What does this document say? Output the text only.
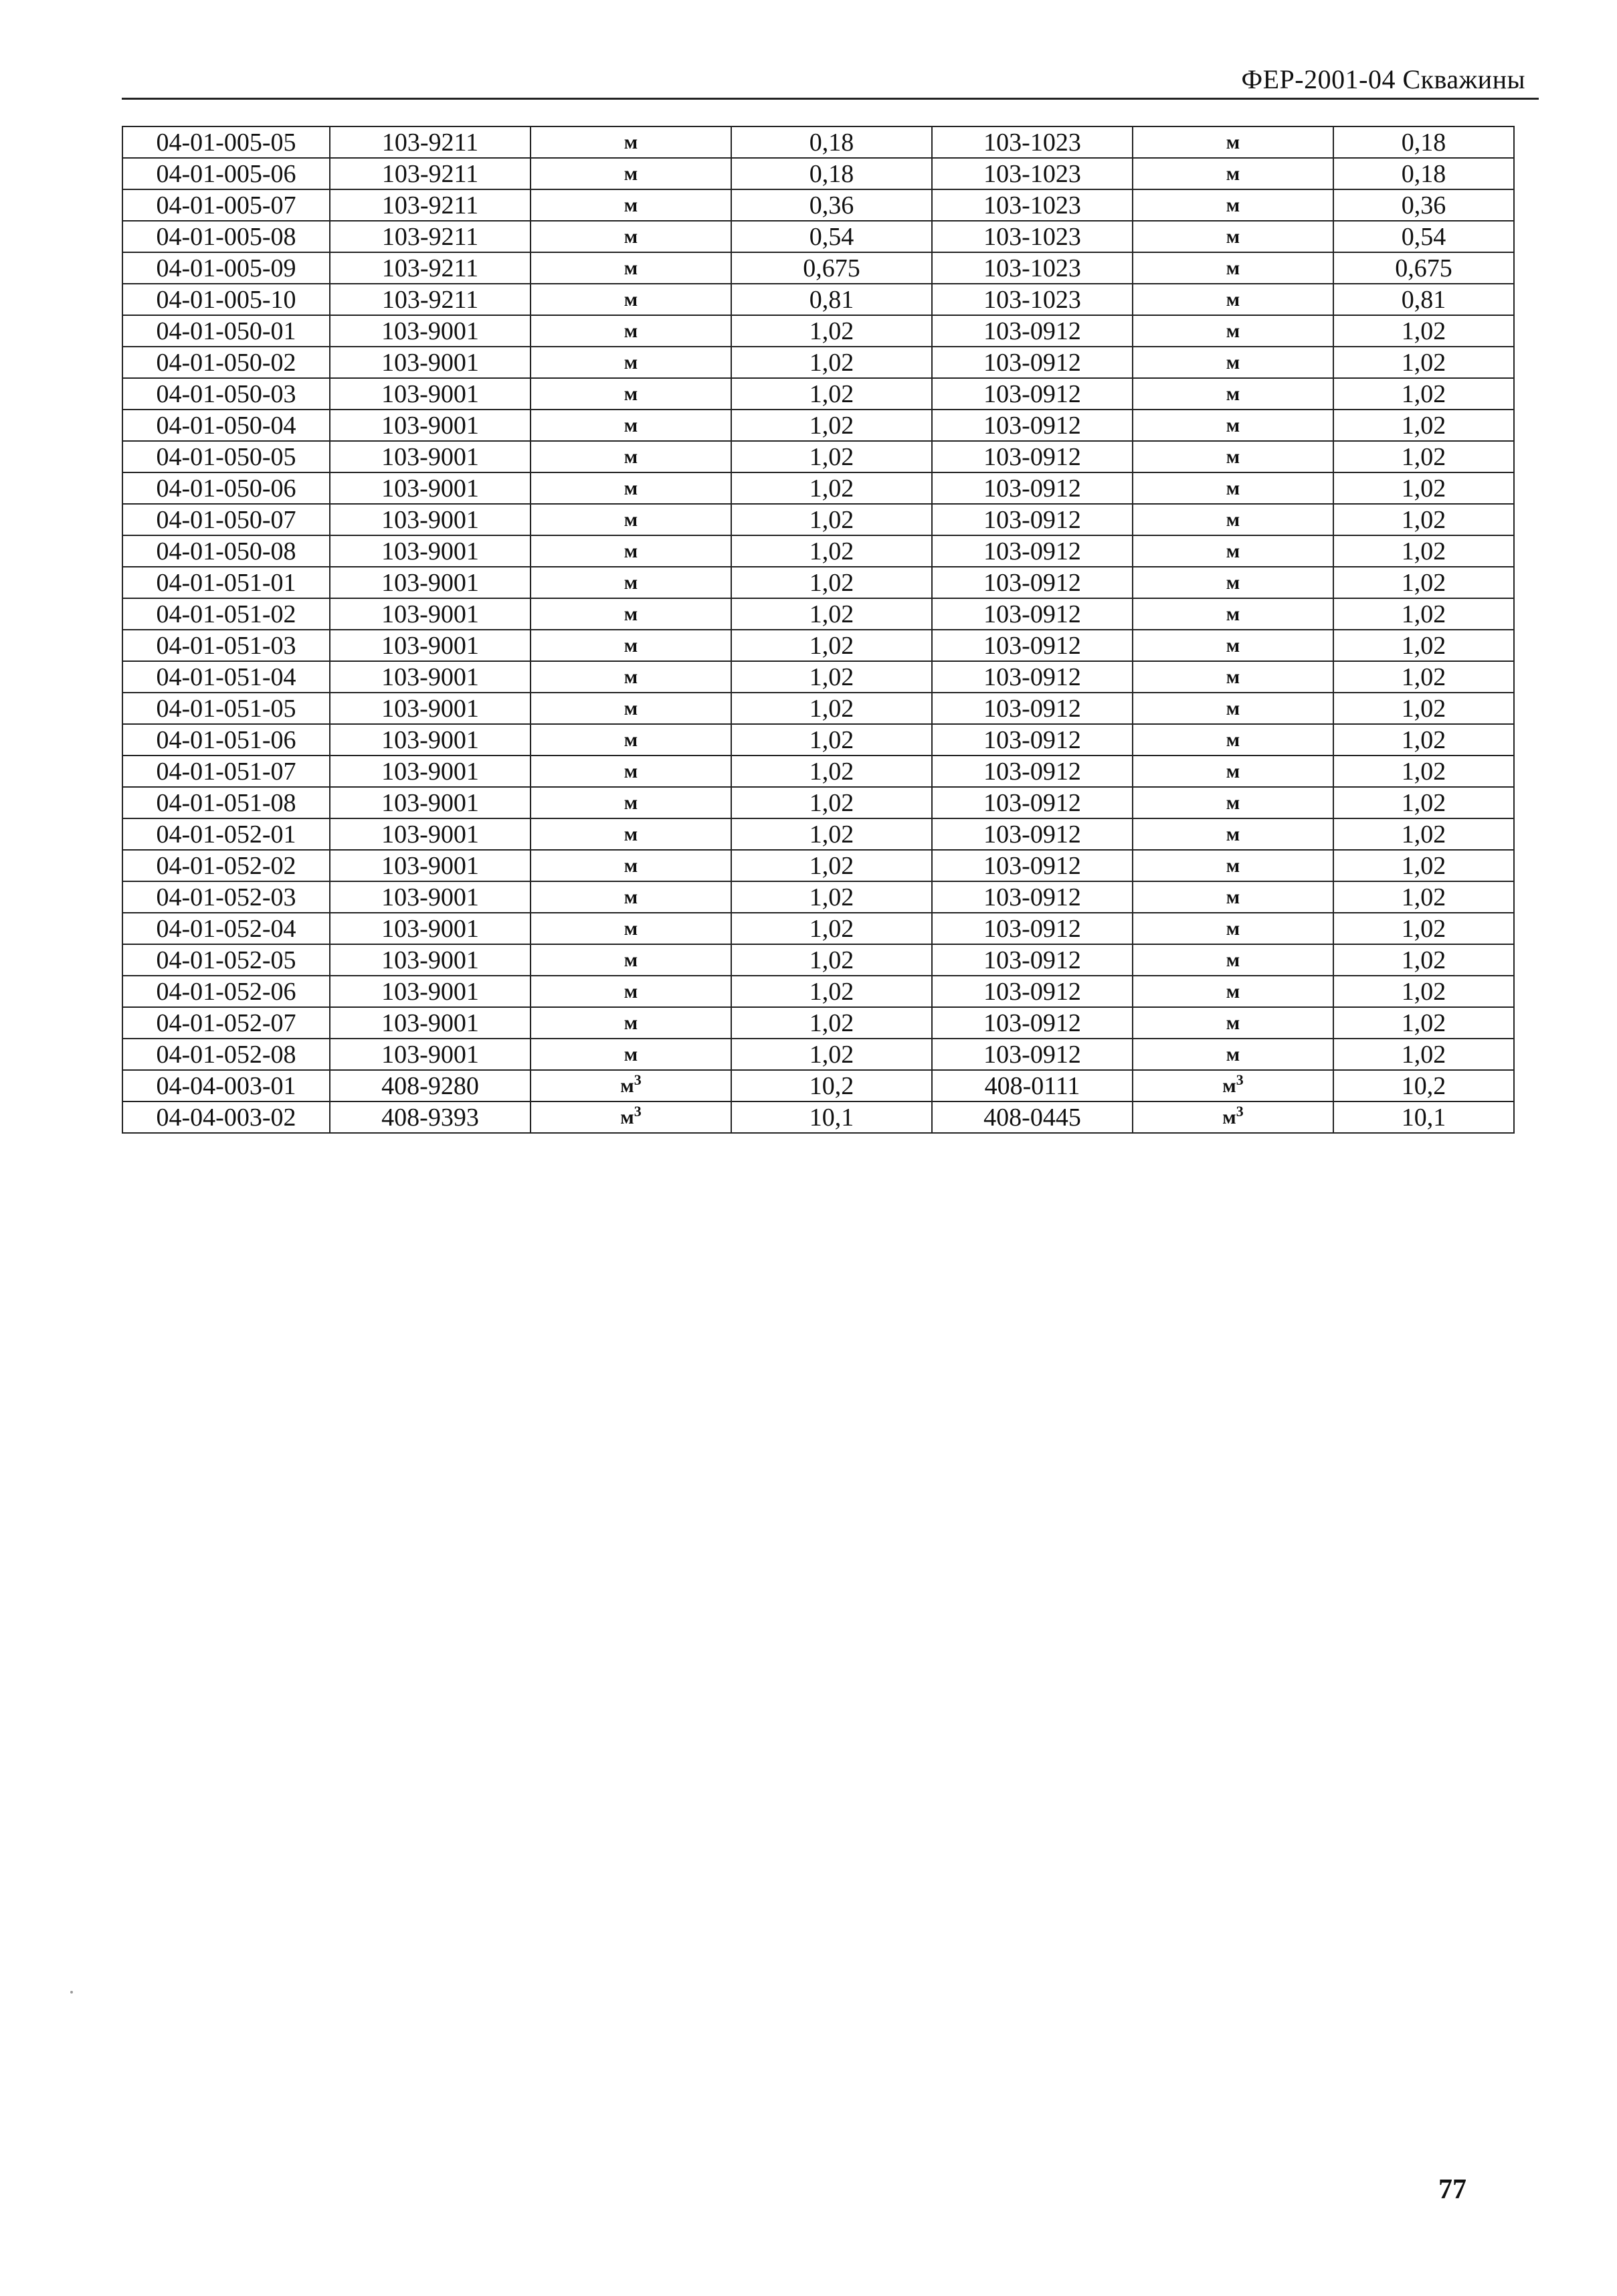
ФЕР-2001-04 Скважины
04-01-005-05	103-9211	м	0,18	103-1023	м	0,18
04-01-005-06	103-9211	м	0,18	103-1023	м	0,18
04-01-005-07	103-9211	м	0,36	103-1023	м	0,36
04-01-005-08	103-9211	м	0,54	103-1023	м	0,54
04-01-005-09	103-9211	м	0,675	103-1023	м	0,675
04-01-005-10	103-9211	м	0,81	103-1023	м	0,81
04-01-050-01	103-9001	м	1,02	103-0912	м	1,02
04-01-050-02	103-9001	м	1,02	103-0912	м	1,02
04-01-050-03	103-9001	м	1,02	103-0912	м	1,02
04-01-050-04	103-9001	м	1,02	103-0912	м	1,02
04-01-050-05	103-9001	м	1,02	103-0912	м	1,02
04-01-050-06	103-9001	м	1,02	103-0912	м	1,02
04-01-050-07	103-9001	м	1,02	103-0912	м	1,02
04-01-050-08	103-9001	м	1,02	103-0912	м	1,02
04-01-051-01	103-9001	м	1,02	103-0912	м	1,02
04-01-051-02	103-9001	м	1,02	103-0912	м	1,02
04-01-051-03	103-9001	м	1,02	103-0912	м	1,02
04-01-051-04	103-9001	м	1,02	103-0912	м	1,02
04-01-051-05	103-9001	м	1,02	103-0912	м	1,02
04-01-051-06	103-9001	м	1,02	103-0912	м	1,02
04-01-051-07	103-9001	м	1,02	103-0912	м	1,02
04-01-051-08	103-9001	м	1,02	103-0912	м	1,02
04-01-052-01	103-9001	м	1,02	103-0912	м	1,02
04-01-052-02	103-9001	м	1,02	103-0912	м	1,02
04-01-052-03	103-9001	м	1,02	103-0912	м	1,02
04-01-052-04	103-9001	м	1,02	103-0912	м	1,02
04-01-052-05	103-9001	м	1,02	103-0912	м	1,02
04-01-052-06	103-9001	м	1,02	103-0912	м	1,02
04-01-052-07	103-9001	м	1,02	103-0912	м	1,02
04-01-052-08	103-9001	м	1,02	103-0912	м	1,02
04-04-003-01	408-9280	$м^3$	10,2	408-0111	$м^3$	10,2
04-04-003-02	408-9393	$м^3$	10,1	408-0445	$м^3$	10,1
77
